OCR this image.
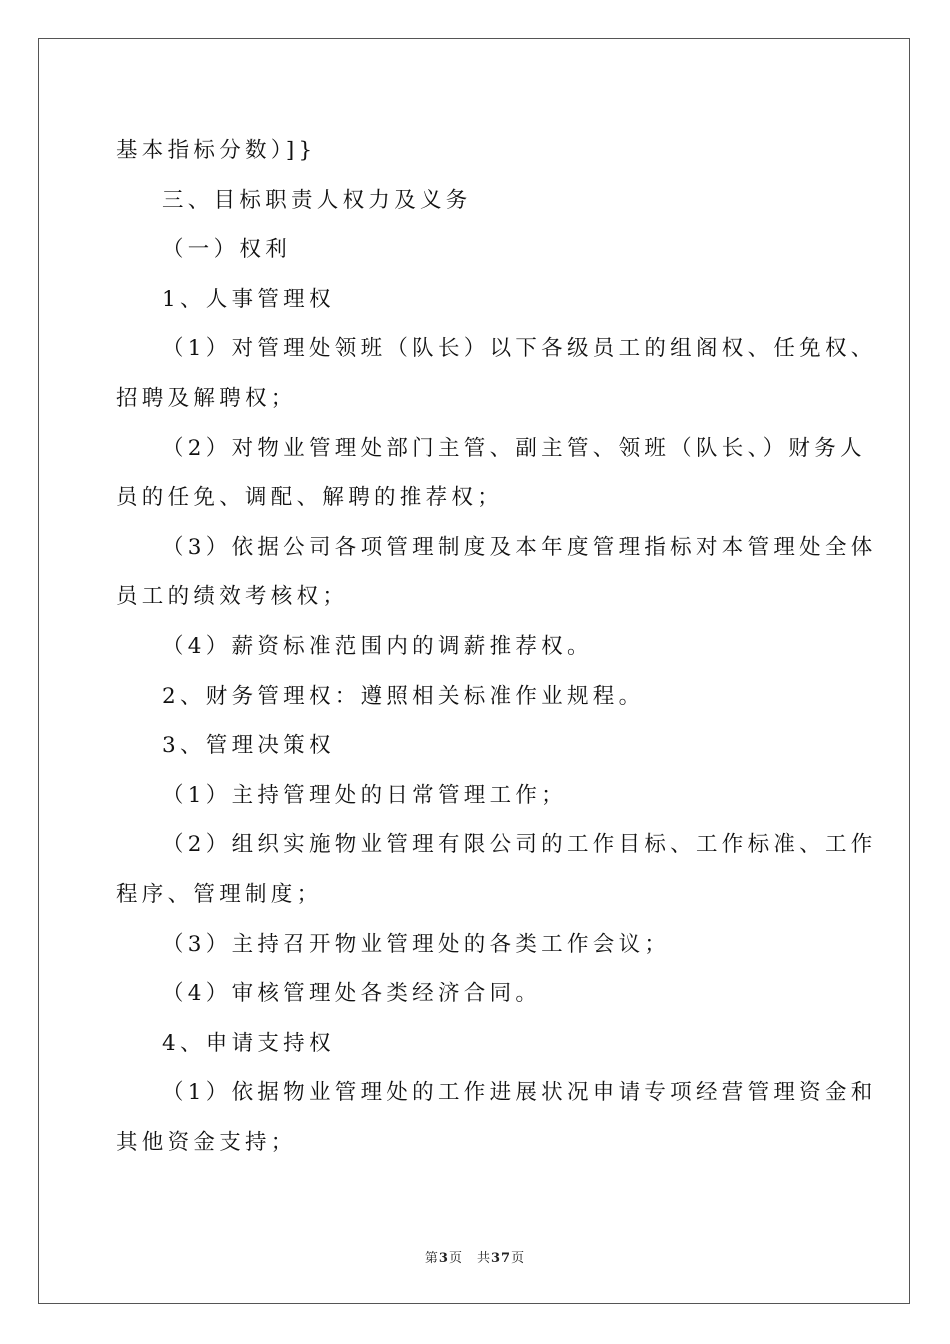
基本指标分数）]}
三、目标职责人权力及义务
（一）权利
1、人事管理权
（1）对管理处领班（队长）以下各级员工的组阁权、任免权、
招聘及解聘权；
（2）对物业管理处部门主管、副主管、领班（队长、）财务人
员的任免、调配、解聘的推荐权；
（3）依据公司各项管理制度及本年度管理指标对本管理处全体
员工的绩效考核权；
（4）薪资标准范围内的调薪推荐权。
2、财务管理权：遵照相关标准作业规程。
3、管理决策权
（1）主持管理处的日常管理工作；
（2）组织实施物业管理有限公司的工作目标、工作标准、工作
程序、管理制度；
（3）主持召开物业管理处的各类工作会议；
（4）审核管理处各类经济合同。
4、申请支持权
（1）依据物业管理处的工作进展状况申请专项经营管理资金和
其他资金支持；
第3页 共37页
